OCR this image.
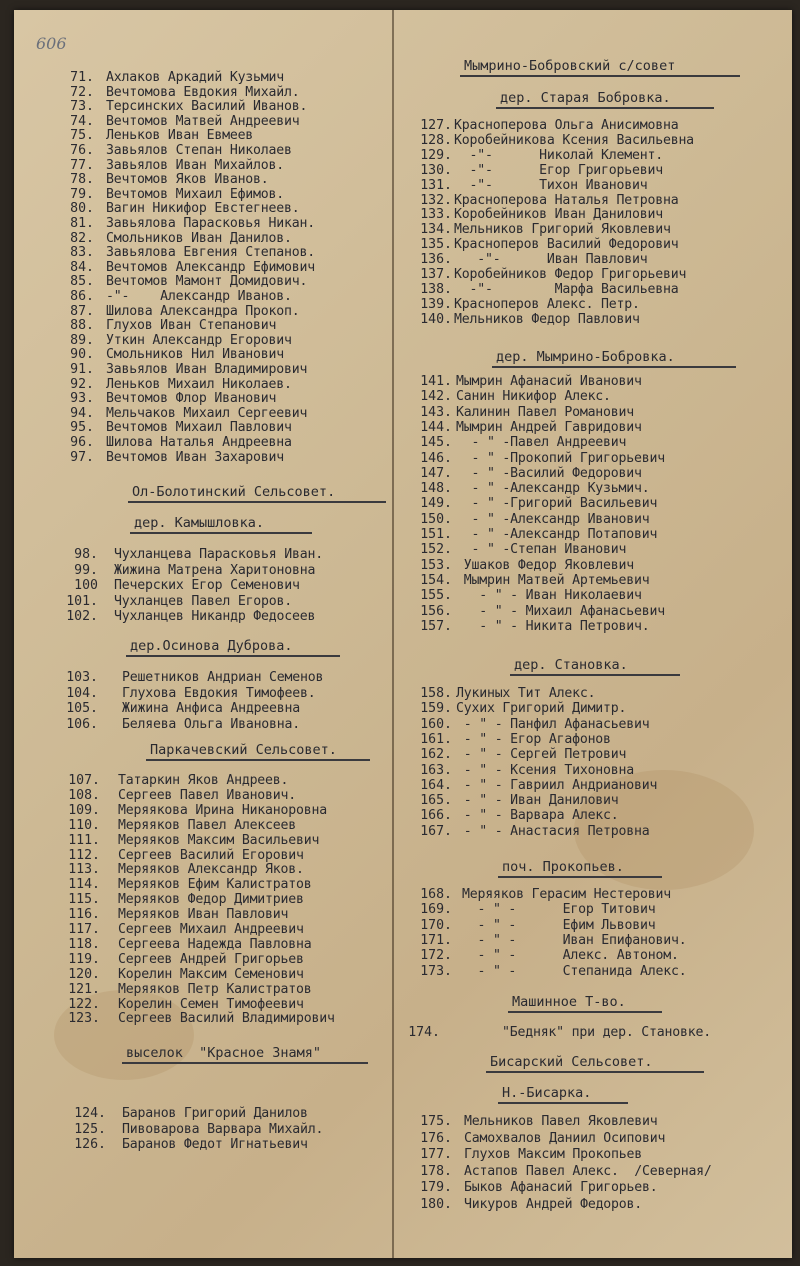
606
71. Ахлаков Аркадий Кузьмич
72. Вечтомова Евдокия Михайл.
73. Терсинских Василий Иванов.
74. Вечтомов Матвей Андреевич
75. Леньков Иван Евмеев
76. Завьялов Степан Николаев
77. Завьялов Иван Михайлов.
78. Вечтомов Яков Иванов.
79. Вечтомов Михаил Ефимов.
80. Вагин Никифор Евстегнеев.
81. Завьялова Парасковья Никан.
82. Смольников Иван Данилов.
83. Завьялова Евгения Степанов.
84. Вечтомов Александр Ефимович
85. Вечтомов Мамонт Домидович.
86. -"-    Александр Иванов.
87. Шилова Александра Прокоп.
88. Глухов Иван Степанович
89. Уткин Александр Егорович
90. Смольников Нил Иванович
91. Завьялов Иван Владимирович
92. Леньков Михаил Николаев.
93. Вечтомов Флор Иванович
94. Мельчаков Михаил Сергеевич
95. Вечтомов Михаил Павлович
96. Шилова Наталья Андреевна
97. Вечтомов Иван Захарович
Ол-Болотинский Сельсовет.
дер. Камышловка.
98. Чухланцева Парасковья Иван.
99. Жижина Матрена Харитоновна
100 Печерских Егор Семенович
101. Чухланцев Павел Егоров.
102. Чухланцев Никандр Федосеев
дер.Осинова Дуброва.
103. Решетников Андриан Семенов
104. Глухова Евдокия Тимофеев.
105. Жижина Анфиса Андреевна
106. Беляева Ольга Ивановна.
Паркачевский Сельсовет.
107. Татаркин Яков Андреев.
108. Сергеев Павел Иванович.
109. Меряякова Ирина Никаноровна
110. Меряяков Павел Алексеев
111. Меряяков Максим Васильевич
112. Сергеев Василий Егорович
113. Меряяков Александр Яков.
114. Меряяков Ефим Калистратов
115. Меряяков Федор Димитриев
116. Меряяков Иван Павлович
117. Сергеев Михаил Андреевич
118. Сергеева Надежда Павловна
119. Сергеев Андрей Григорьев
120. Корелин Максим Семенович
121. Меряяков Петр Калистратов
122. Корелин Семен Тимофеевич
123. Сергеев Василий Владимирович
выселок  "Красное Знамя"
124. Баранов Григорий Данилов
125. Пивоварова Варвара Михайл.
126. Баранов Федот Игнатьевич
Мымрино-Бобровский с/совет
дер. Старая Бобровка.
127. Красноперова Ольга Анисимовна
128. Коробейникова Ксения Васильевна
129. -"-      Николай Клемент.
130. -"-      Егор Григорьевич
131. -"-      Тихон Иванович
132. Красноперова Наталья Петровна
133. Коробейников Иван Данилович
134. Мельников Григорий Яковлевич
135. Красноперов Василий Федорович
136. -"-      Иван Павлович
137. Коробейников Федор Григорьевич
138. -"-        Марфа Васильевна
139. Красноперов Алекс. Петр.
140. Мельников Федор Павлович
дер. Мымрино-Бобровка.
141. Мымрин Афанасий Иванович
142. Санин Никифор Алекс.
143. Калинин Павел Романович
144. Мымрин Андрей Гавридович
145. - " -Павел Андреевич
146. - " -Прокопий Григорьевич
147. - " -Василий Федорович
148. - " -Александр Кузьмич.
149. - " -Григорий Васильевич
150. - " -Александр Иванович
151. - " -Александр Потапович
152. - " -Степан Иванович
153. Ушаков Федор Яковлевич
154. Мымрин Матвей Артемьевич
155. - " - Иван Николаевич
156. - " - Михаил Афанасьевич
157. - " - Никита Петрович.
дер. Становка.
158. Лукиных Тит Алекс.
159. Сухих Григорий Димитр.
160. - " - Панфил Афанасьевич
161. - " - Егор Агафонов
162. - " - Сергей Петрович
163. - " - Ксения Тихоновна
164. - " - Гавриил Андрианович
165. - " - Иван Данилович
166. - " - Варвара Алекс.
167. - " - Анастасия Петровна
поч. Прокопьев.
168. Меряяков Герасим Нестерович
169. - " -      Егор Титович
170. - " -      Ефим Львович
171. - " -      Иван Епифанович.
172. - " -      Алекс. Автоном.
173. - " -      Степанида Алекс.
Машинное Т-во.
174.	"Бедняк" при дер. Становке.
Бисарский Сельсовет.
Н.-Бисарка.
175. Мельников Павел Яковлевич
176. Самохвалов Даниил Осипович
177. Глухов Максим Прокопьев
178. Астапов Павел Алекс.  /Северная/
179. Быков Афанасий Григорьев.
180. Чикуров Андрей Федоров.
